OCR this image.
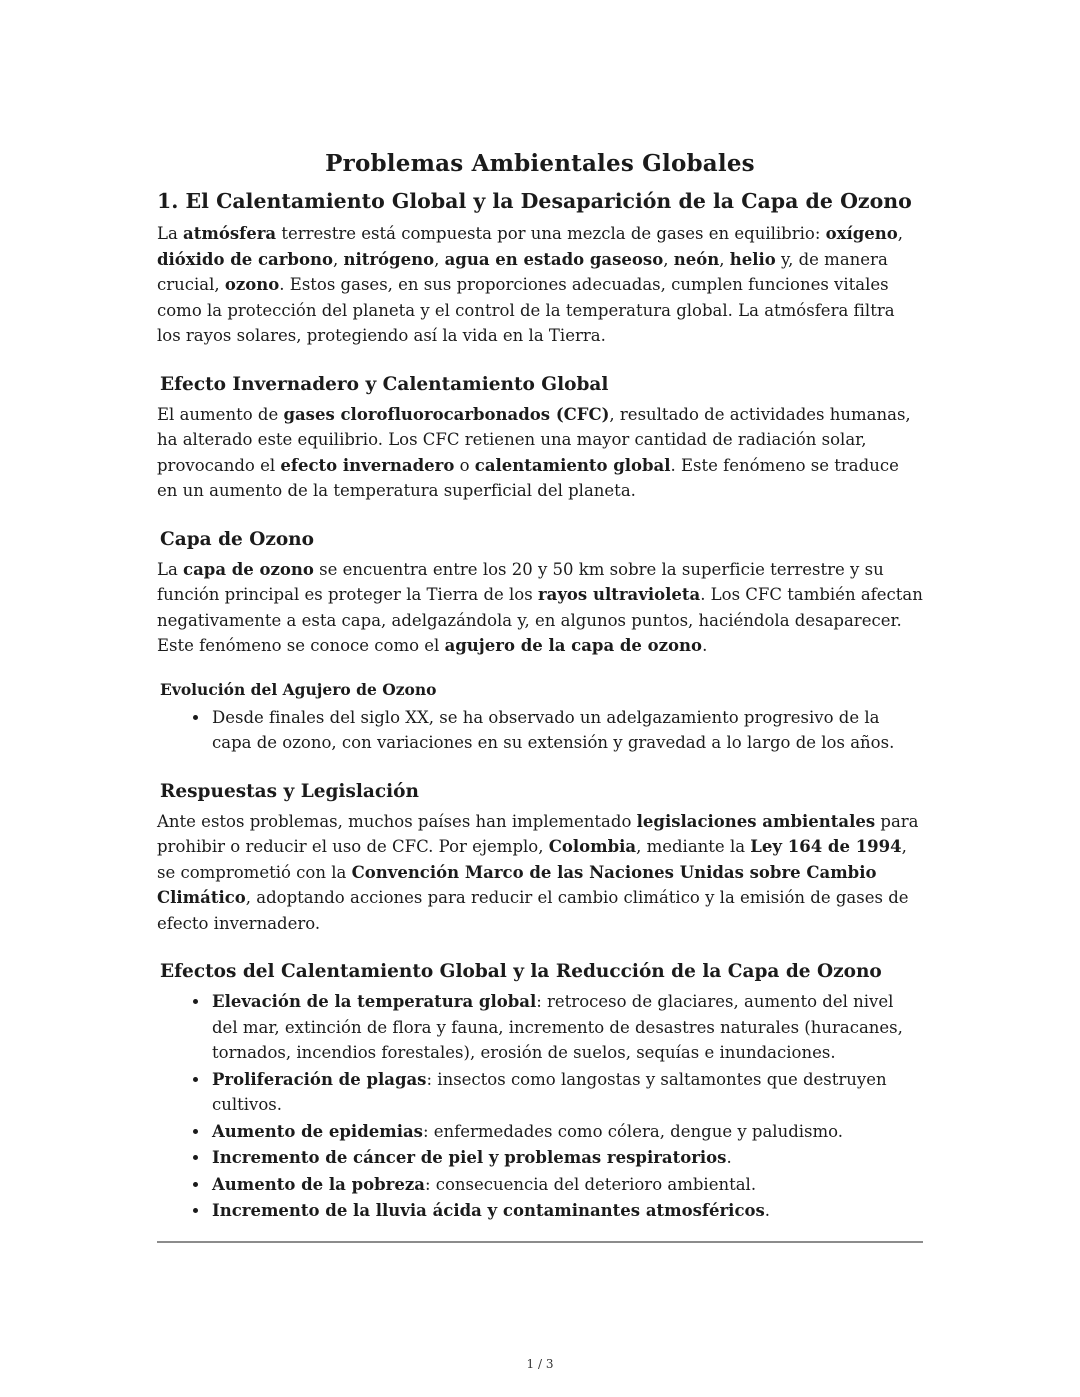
Problemas Ambientales Globales
1. El Calentamiento Global y la Desaparición de la Capa de Ozono

La atmósfera terrestre está compuesta por una mezcla de gases en equilibrio: oxígeno, dióxido de carbono, nitrógeno, agua en estado gaseoso, neón, helio y, de manera crucial, ozono. Estos gases, en sus proporciones adecuadas, cumplen funciones vitales como la protección del planeta y el control de la temperatura global. La atmósfera filtra los rayos solares, protegiendo así la vida en la Tierra.

Efecto Invernadero y Calentamiento Global

El aumento de gases clorofluorocarbonados (CFC), resultado de actividades humanas, ha alterado este equilibrio. Los CFC retienen una mayor cantidad de radiación solar, provocando el efecto invernadero o calentamiento global. Este fenómeno se traduce en un aumento de la temperatura superficial del planeta.

Capa de Ozono

La capa de ozono se encuentra entre los 20 y 50 km sobre la superficie terrestre y su función principal es proteger la Tierra de los rayos ultravioleta. Los CFC también afectan negativamente a esta capa, adelgazándola y, en algunos puntos, haciéndola desaparecer. Este fenómeno se conoce como el agujero de la capa de ozono.

Evolución del Agujero de Ozono
• Desde finales del siglo XX, se ha observado un adelgazamiento progresivo de la capa de ozono, con variaciones en su extensión y gravedad a lo largo de los años.
Respuestas y Legislación

Ante estos problemas, muchos países han implementado legislaciones ambientales para prohibir o reducir el uso de CFC. Por ejemplo, Colombia, mediante la Ley 164 de 1994, se comprometió con la Convención Marco de las Naciones Unidas sobre Cambio Climático, adoptando acciones para reducir el cambio climático y la emisión de gases de efecto invernadero.

Efectos del Calentamiento Global y la Reducción de la Capa de Ozono
• Elevación de la temperatura global: retroceso de glaciares, aumento del nivel del mar, extinción de flora y fauna, incremento de desastres naturales (huracanes, tornados, incendios forestales), erosión de suelos, sequías e inundaciones.
• Proliferación de plagas: insectos como langostas y saltamontes que destruyen cultivos.
• Aumento de epidemias: enfermedades como cólera, dengue y paludismo.
• Incremento de cáncer de piel y problemas respiratorios.
• Aumento de la pobreza: consecuencia del deterioro ambiental.
• Incremento de la lluvia ácida y contaminantes atmosféricos.
1 / 3
